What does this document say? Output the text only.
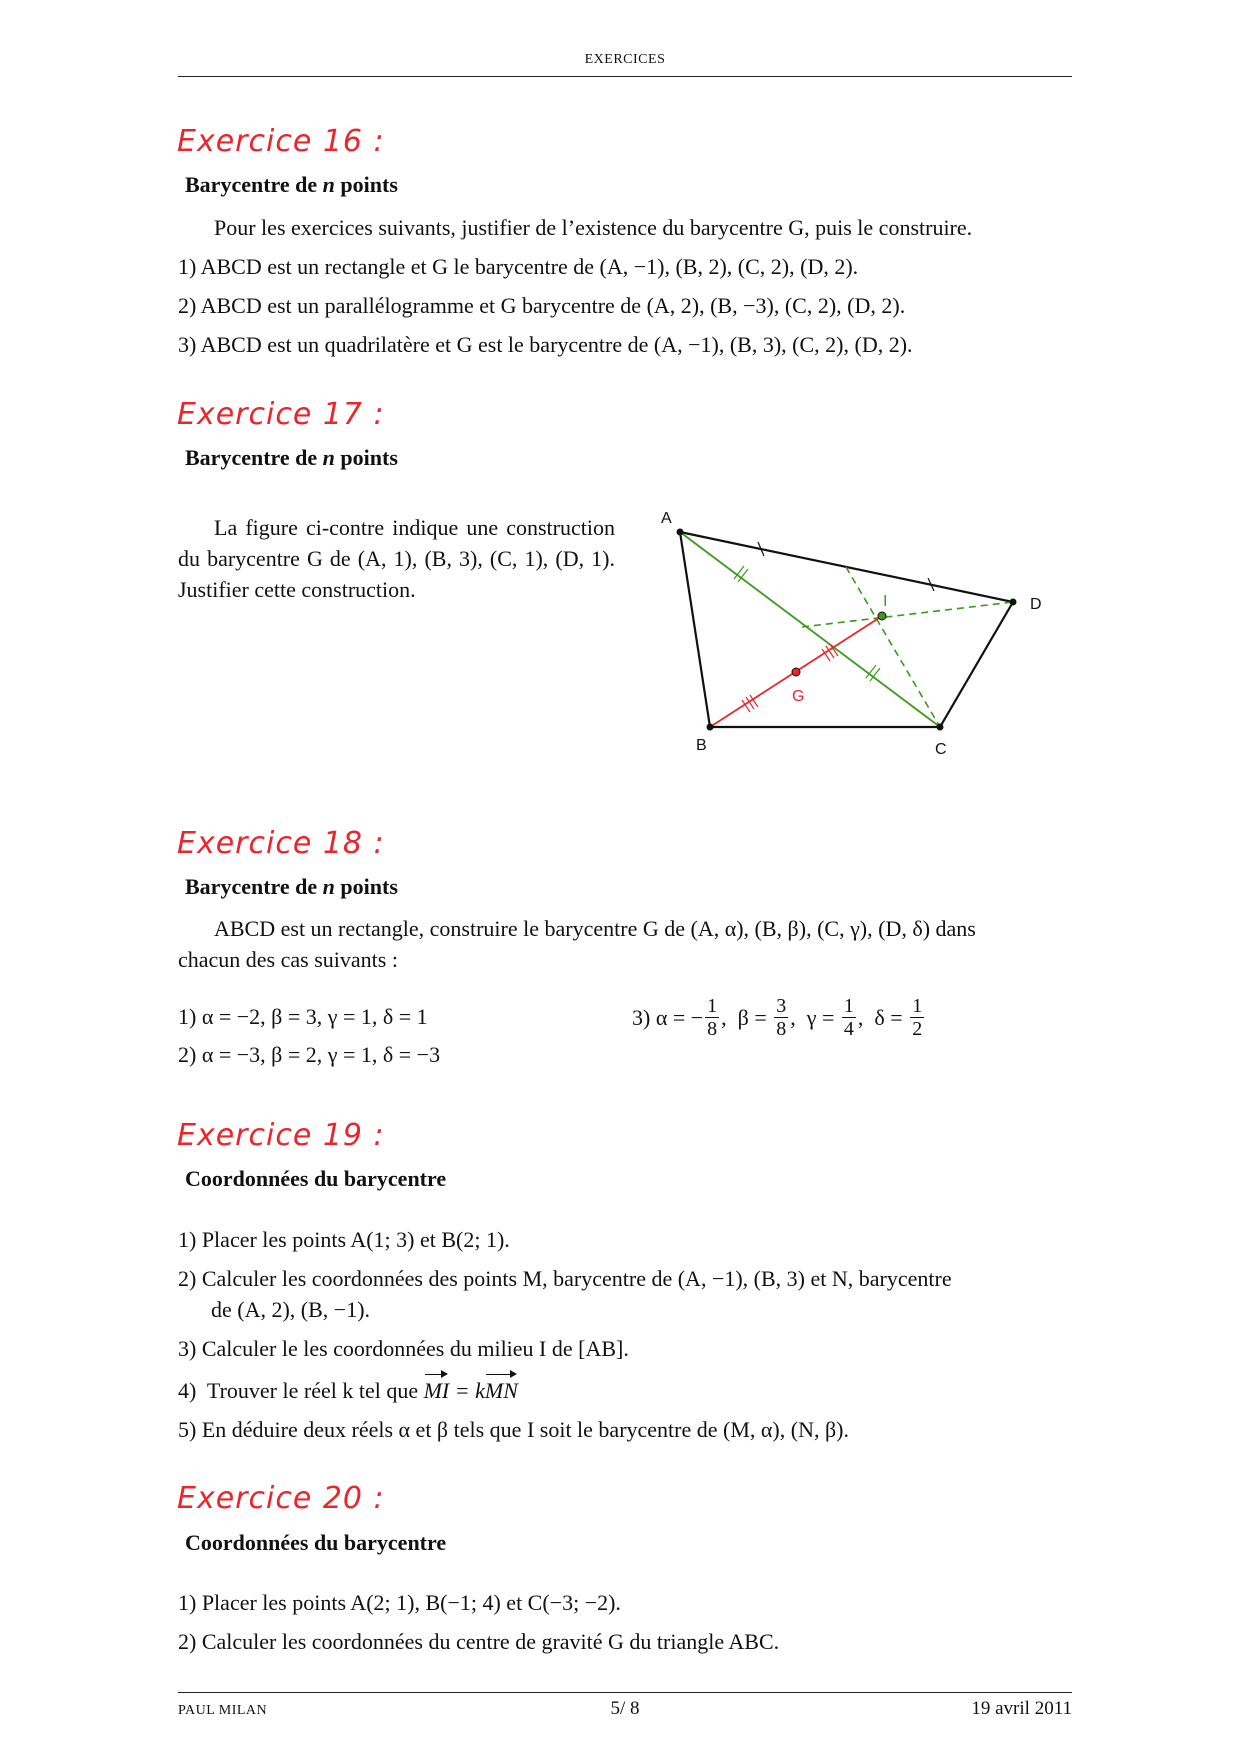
EXERCICES
Exercice 16 :
Barycentre de n points
Pour les exercices suivants, justifier de l’existence du barycentre G, puis le construire.
1) ABCD est un rectangle et G le barycentre de (A, −1), (B, 2), (C, 2), (D, 2).
2) ABCD est un parallélogramme et G barycentre de (A, 2), (B, −3), (C, 2), (D, 2).
3) ABCD est un quadrilatère et G est le barycentre de (A, −1), (B, 3), (C, 2), (D, 2).
Exercice 17 :
Barycentre de n points
La figure ci-contre indique une construction du barycentre G de (A, 1), (B, 3), (C, 1), (D, 1). Justifier cette construction.
A
D
C
B
I
G
Exercice 18 :
Barycentre de n points
ABCD est un rectangle, construire le barycentre G de (A, α), (B, β), (C, γ), (D, δ) dans
chacun des cas suivants :
1) α = −2, β = 3, γ = 1, δ = 1
2) α = −3, β = 2, γ = 1, δ = −3
3) α = − $\frac{1}{8}$ ,  $\beta = \frac{3}{8}$ ,  $\gamma = \frac{1}{4}$ ,  $\delta = \frac{1}{2}$
Exercice 19 :
Coordonnées du barycentre
1) Placer les points A(1; 3) et B(2; 1).
2) Calculer les coordonnées des points M, barycentre de (A, −1), (B, 3) et N, barycentre
de (A, 2), (B, −1).
3) Calculer le les coordonnées du milieu I de [AB].
4)  Trouver le réel k tel que MI = kMN
5) En déduire deux réels α et β tels que I soit le barycentre de (M, α), (N, β).
Exercice 20 :
Coordonnées du barycentre
1) Placer les points A(2; 1), B(−1; 4) et C(−3; −2).
2) Calculer les coordonnées du centre de gravité G du triangle ABC.
PAUL MILAN	5/ 8	19 avril 2011
